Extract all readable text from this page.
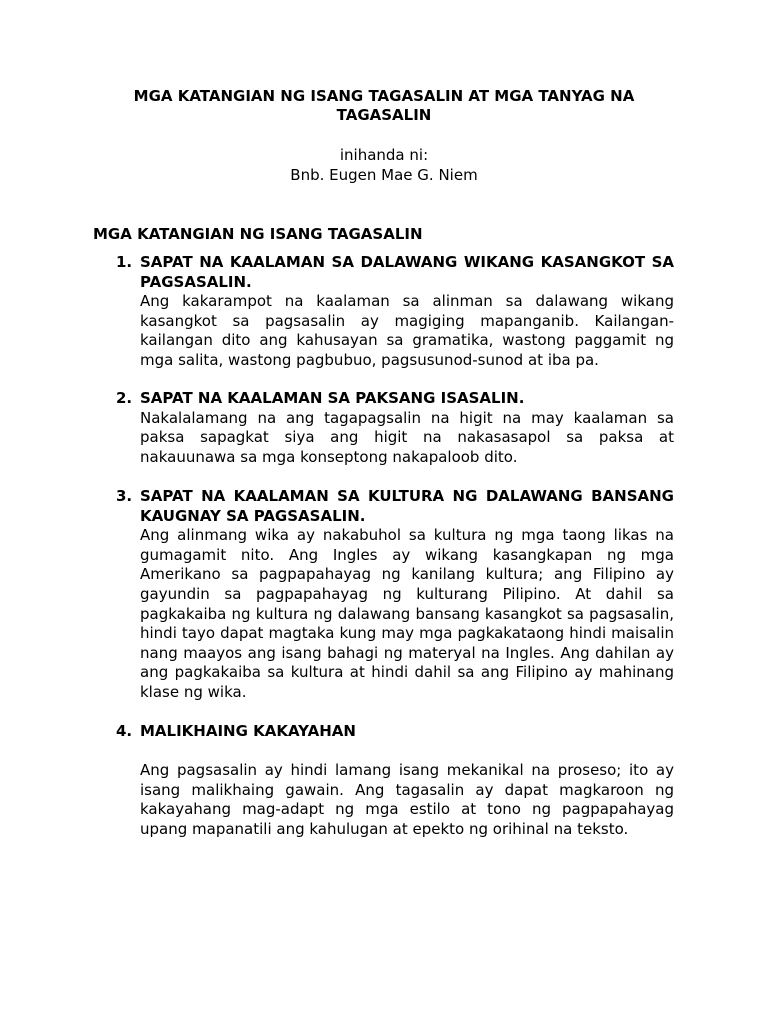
MGA KATANGIAN NG ISANG TAGASALIN AT MGA TANYAG NA TAGASALIN
inihanda ni:
Bnb. Eugen Mae G. Niem
MGA KATANGIAN NG ISANG TAGASALIN
1. SAPAT NA KAALAMAN SA DALAWANG WIKANG KASANGKOT SA PAGSASALIN.
Ang kakarampot na kaalaman sa alinman sa dalawang wikang kasangkot sa pagsasalin ay magiging mapanganib. Kailangan-kailangan dito ang kahusayan sa gramatika, wastong paggamit ng mga salita, wastong pagbubuo, pagsusunod-sunod at iba pa.
2. SAPAT NA KAALAMAN SA PAKSANG ISASALIN.
Nakalalamang na ang tagapagsalin na higit na may kaalaman sa paksa sapagkat siya ang higit na nakasasapol sa paksa at nakauunawa sa mga konseptong nakapaloob dito.
3. SAPAT NA KAALAMAN SA KULTURA NG DALAWANG BANSANG KAUGNAY SA PAGSASALIN.
Ang alinmang wika ay nakabuhol sa kultura ng mga taong likas na gumagamit nito. Ang Ingles ay wikang kasangkapan ng mga Amerikano sa pagpapahayag ng kanilang kultura; ang Filipino ay gayundin sa pagpapahayag ng kulturang Pilipino. At dahil sa pagkakaiba ng kultura ng dalawang bansang kasangkot sa pagsasalin, hindi tayo dapat magtaka kung may mga pagkakataong hindi maisalin nang maayos ang isang bahagi ng materyal na Ingles. Ang dahilan ay ang pagkakaiba sa kultura at hindi dahil sa ang Filipino ay mahinang klase ng wika.
4. MALIKHAING KAKAYAHAN
Ang pagsasalin ay hindi lamang isang mekanikal na proseso; ito ay isang malikhaing gawain. Ang tagasalin ay dapat magkaroon ng kakayahang mag-adapt ng mga estilo at tono ng pagpapahayag upang mapanatili ang kahulugan at epekto ng orihinal na teksto.
